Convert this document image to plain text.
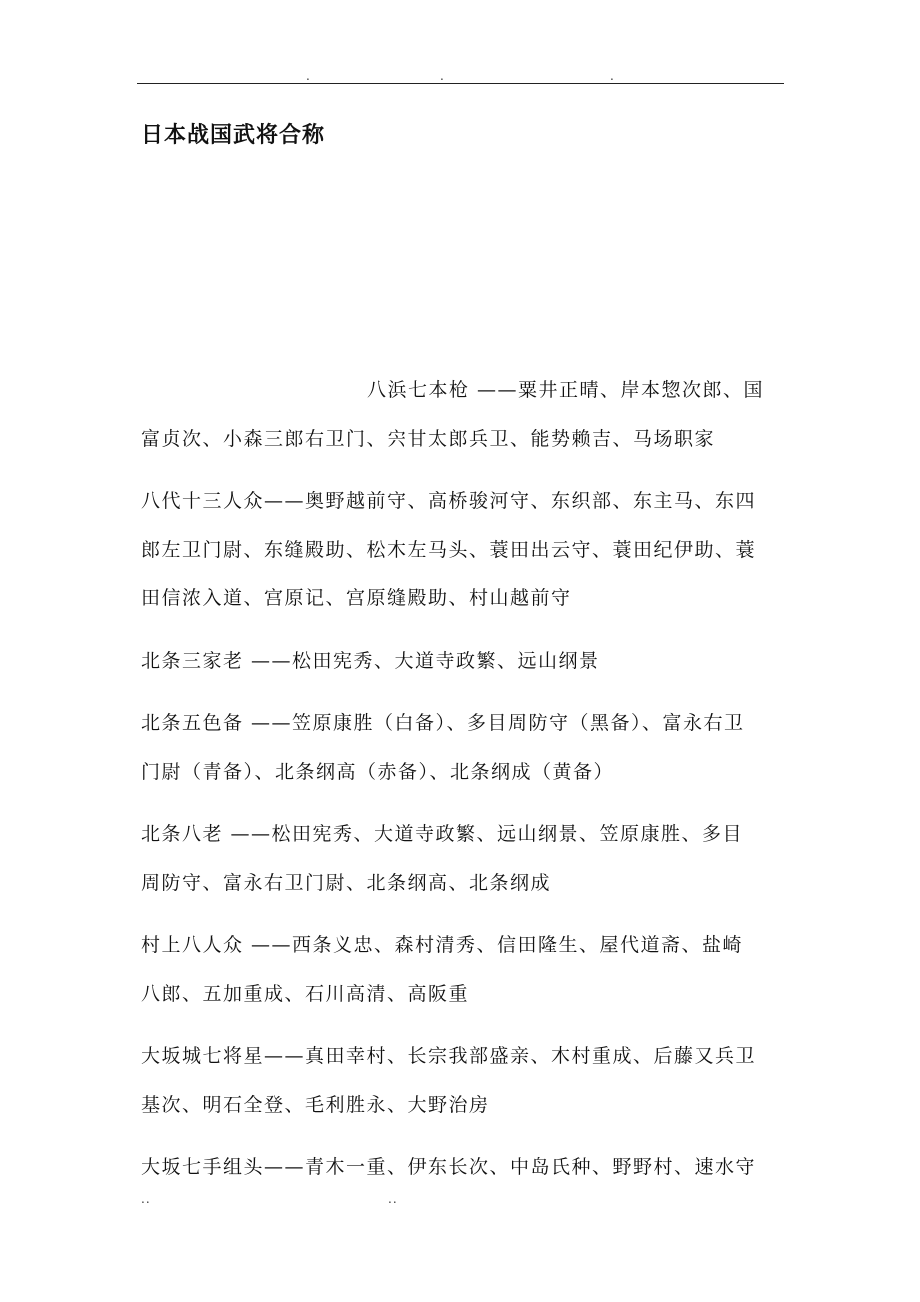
.	.	.
日本战国武将合称
八浜七本枪 ——粟井正晴、岸本惣次郎、国
富贞次、小森三郎右卫门、宍甘太郎兵卫、能势赖吉、马场职家
八代十三人众——奥野越前守、高桥骏河守、东织部、东主马、东四
郎左卫门尉、东缝殿助、松木左马头、蓑田出云守、蓑田纪伊助、蓑
田信浓入道、宫原记、宫原缝殿助、村山越前守
北条三家老 ——松田宪秀、大道寺政繁、远山纲景
北条五色备 ——笠原康胜（白备）、多目周防守（黑备）、富永右卫
门尉（青备）、北条纲高（赤备）、北条纲成（黄备）
北条八老 ——松田宪秀、大道寺政繁、远山纲景、笠原康胜、多目
周防守、富永右卫门尉、北条纲高、北条纲成
村上八人众 ——西条义忠、森村清秀、信田隆生、屋代道斋、盐崎
八郎、五加重成、石川高清、高阪重
大坂城七将星——真田幸村、长宗我部盛亲、木村重成、后藤又兵卫
基次、明石全登、毛利胜永、大野治房
大坂七手组头——青木一重、伊东长次、中岛氏种、野野村、速水守
..	..
